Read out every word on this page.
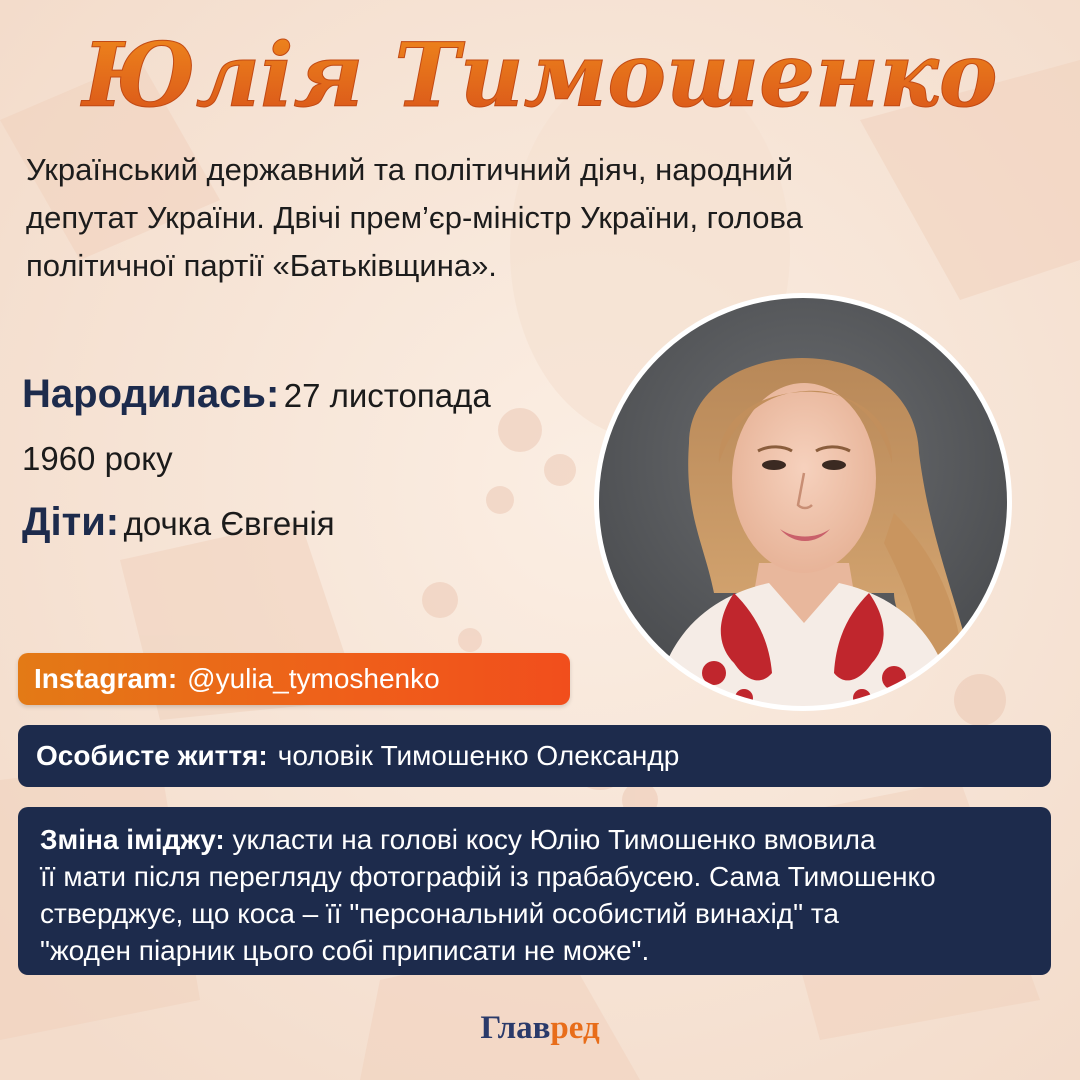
Юлія Тимошенко
Український державний та політичний діяч, народний
депутат України. Двічі прем’єр-міністр України, голова
політичної партії «Батьківщина».
Народилась: 27 листопада
1960 року
Діти: дочка Євгенія
Instagram: @yulia_tymoshenko
Особисте життя: чоловік Тимошенко Олександр
Зміна іміджу: укласти на голові косу Юлію Тимошенко вмовила
її мати після перегляду фотографій із прабабусею. Сама Тимошенко
стверджує, що коса – її "персональний особистий винахід" та
"жоден піарник цього собі приписати не може".
Главред
